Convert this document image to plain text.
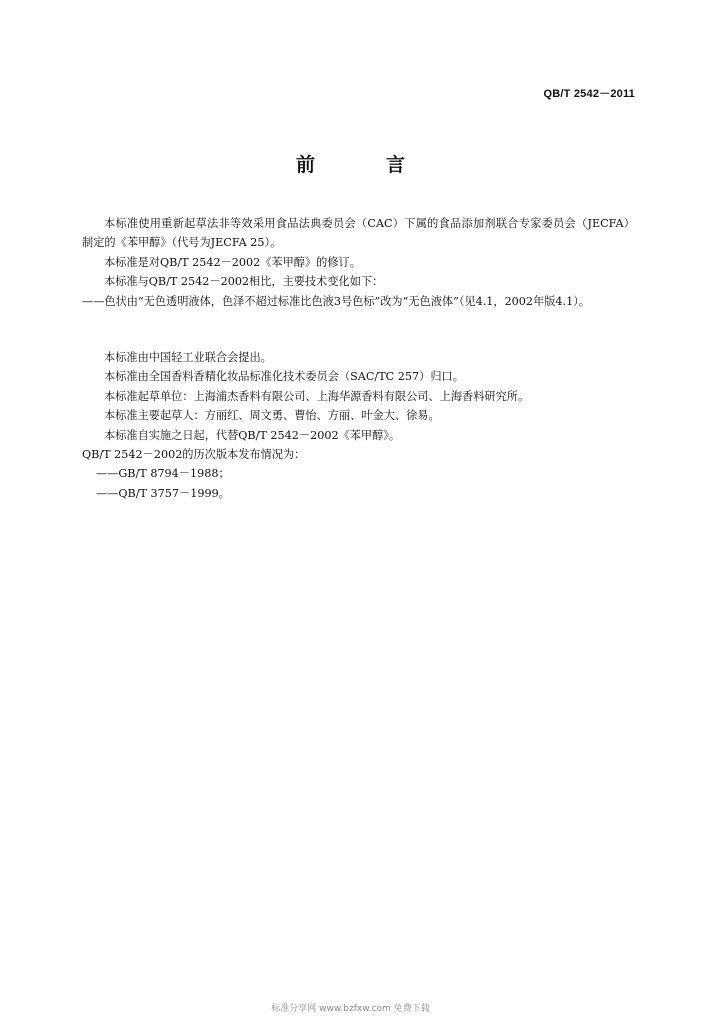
QB/T 2542－2011
前　言

本标准使用重新起草法非等效采用食品法典委员会（CAC）下属的食品添加剂联合专家委员会（JECFA）制定的《苯甲醇》（代号为JECFA 25）。

本标准是对QB/T 2542－2002《苯甲醇》的修订。

本标准与QB/T 2542－2002相比，主要技术变化如下：

——色状由“无色透明液体，色泽不超过标准比色液3号色标”改为“无色液体”（见4.1，2002年版4.1）。

本标准由中国轻工业联合会提出。

本标准由全国香料香精化妆品标准化技术委员会（SAC/TC 257）归口。

本标准起草单位：上海浦杰香料有限公司、上海华源香料有限公司、上海香料研究所。

本标准主要起草人：方丽红、周文勇、曹怡、方丽、叶金大、徐易。

本标准自实施之日起，代替QB/T 2542－2002《苯甲醇》。

QB/T 2542－2002的历次版本发布情况为：

——GB/T 8794－1988；

——QB/T 3757－1999。

标准分享网 www.bzfxw.com 免费下载
